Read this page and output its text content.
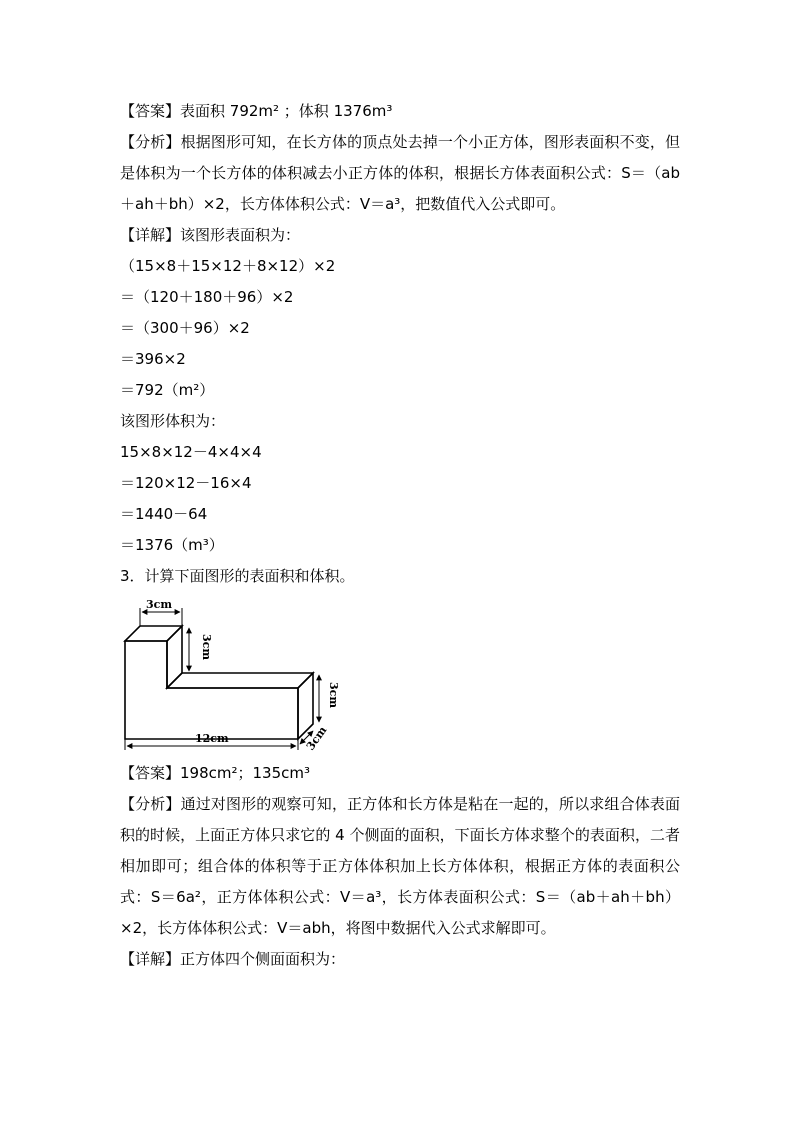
【答案】表面积 792m² ；体积 1376m³
【分析】根据图形可知，在长方体的顶点处去掉一个小正方体，图形表面积不变，但是体积为一个长方体的体积减去小正方体的体积，根据长方体表面积公式：S＝（ab＋ah＋bh）×2，长方体体积公式：V＝a³，把数值代入公式即可。
【详解】该图形表面积为：
（15×8＋15×12＋8×12）×2
＝（120＋180＋96）×2
＝（300＋96）×2
＝396×2
＝792（m²）
该图形体积为：
15×8×12－4×4×4
＝120×12－16×4
＝1440－64
＝1376（m³）
3．计算下面图形的表面积和体积。
3cm
3cm
3cm
3cm
12cm
【答案】198cm²；135cm³
【分析】通过对图形的观察可知，正方体和长方体是粘在一起的，所以求组合体表面积的时候，上面正方体只求它的 4 个侧面的面积，下面长方体求整个的表面积，二者相加即可；组合体的体积等于正方体体积加上长方体体积，根据正方体的表面积公式：S＝6a²，正方体体积公式：V＝a³，长方体表面积公式：S＝（ab＋ah＋bh）×2，长方体体积公式：V＝abh，将图中数据代入公式求解即可。
【详解】正方体四个侧面面积为：
